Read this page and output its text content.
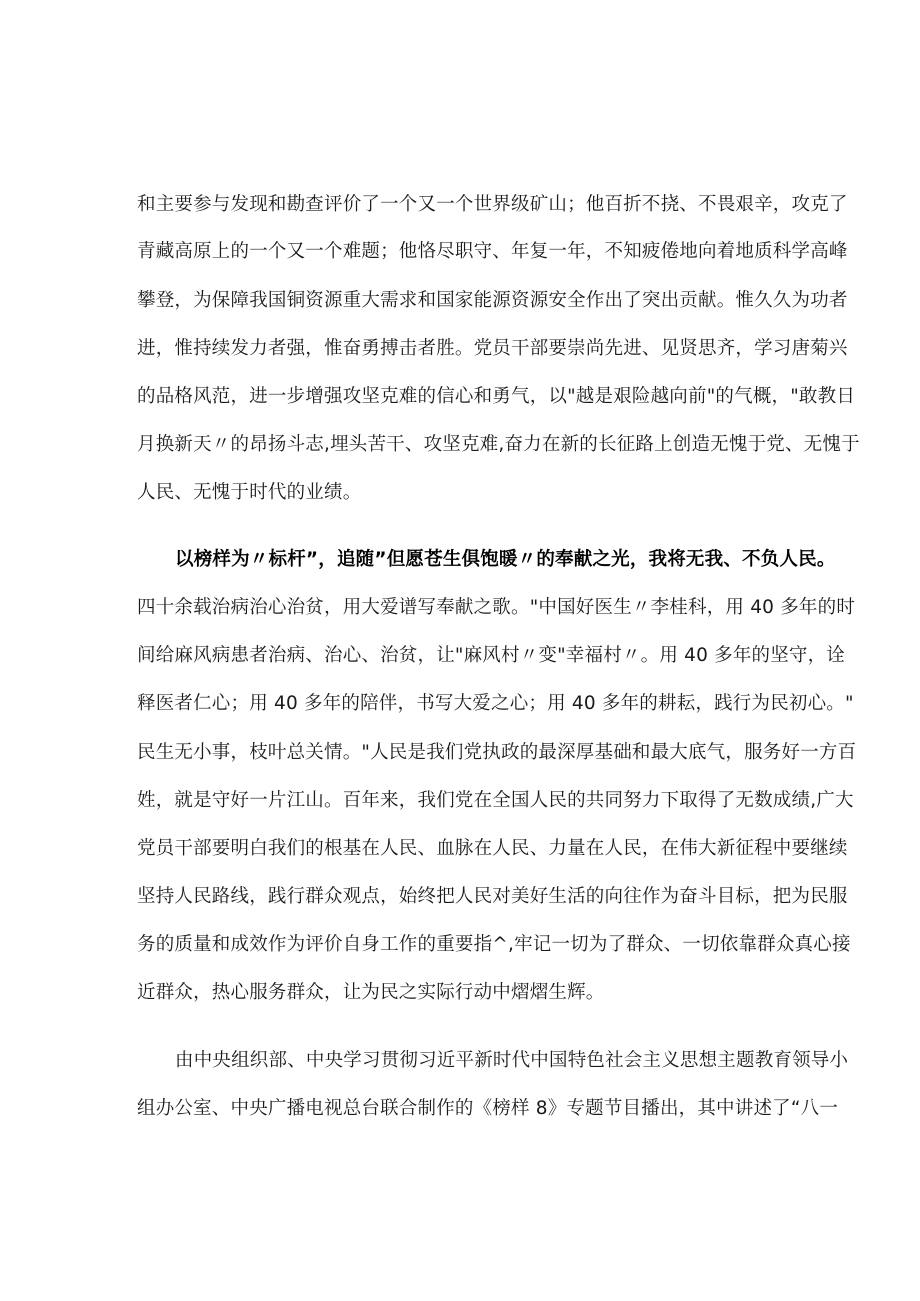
和主要参与发现和勘查评价了一个又一个世界级矿山；他百折不挠、不畏艰辛，攻克了
青藏高原上的一个又一个难题；他恪尽职守、年复一年，不知疲倦地向着地质科学高峰
攀登，为保障我国铜资源重大需求和国家能源资源安全作出了突出贡献。惟久久为功者
进，惟持续发力者强，惟奋勇搏击者胜。党员干部要崇尚先进、见贤思齐，学习唐菊兴
的品格风范，进一步增强攻坚克难的信心和勇气，以"越是艰险越向前"的气概，"敢教日
月换新天〃的昂扬斗志,埋头苦干、攻坚克难,奋力在新的长征路上创造无愧于党、无愧于
人民、无愧于时代的业绩。
以榜样为〃标杆”，追随”但愿苍生俱饱暖〃的奉献之光，我将无我、不负人民。
四十余载治病治心治贫，用大爱谱写奉献之歌。"中国好医生〃李桂科，用 40 多年的时
间给麻风病患者治病、治心、治贫，让"麻风村〃变"幸福村〃。用 40 多年的坚守，诠
释医者仁心；用 40 多年的陪伴，书写大爱之心；用 40 多年的耕耘，践行为民初心。"
民生无小事，枝叶总关情。"人民是我们党执政的最深厚基础和最大底气，服务好一方百
姓，就是守好一片江山。百年来，我们党在全国人民的共同努力下取得了无数成绩,广大
党员干部要明白我们的根基在人民、血脉在人民、力量在人民，在伟大新征程中要继续
坚持人民路线，践行群众观点，始终把人民对美好生活的向往作为奋斗目标，把为民服
务的质量和成效作为评价自身工作的重要指^,牢记一切为了群众、一切依靠群众真心接
近群众，热心服务群众，让为民之实际行动中熠熠生辉。
由中央组织部、中央学习贯彻习近平新时代中国特色社会主义思想主题教育领导小
组办公室、中央广播电视总台联合制作的《榜样 8》专题节目播出，其中讲述了“八一
